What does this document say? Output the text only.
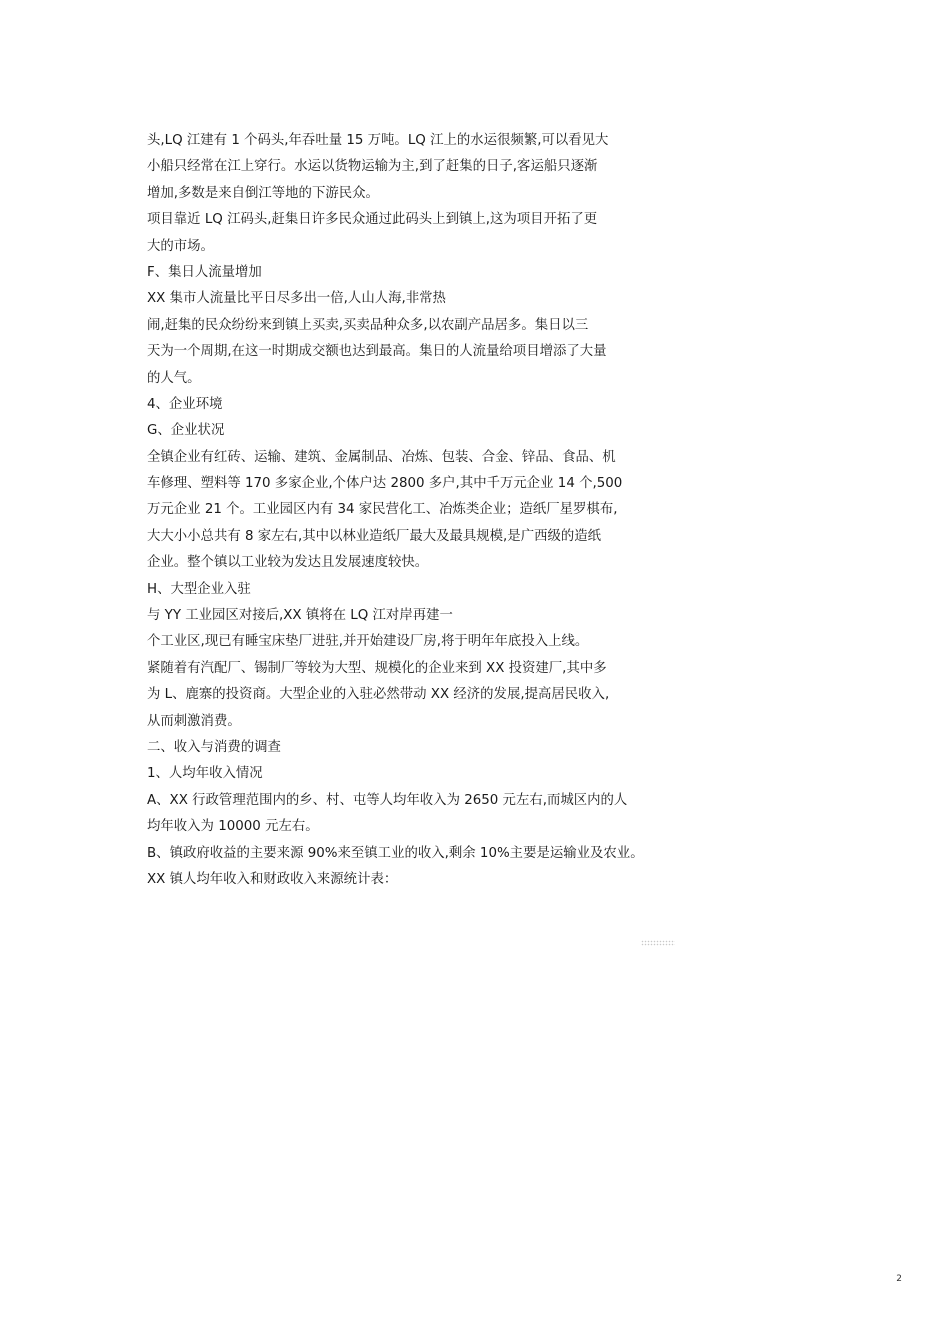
头,LQ 江建有 1 个码头,年吞吐量 15 万吨。LQ 江上的水运很频繁,可以看见大
小船只经常在江上穿行。水运以货物运输为主,到了赶集的日子,客运船只逐渐
增加,多数是来自倒江等地的下游民众。
项目靠近 LQ 江码头,赶集日许多民众通过此码头上到镇上,这为项目开拓了更
大的市场。
F、集日人流量增加
XX 集市人流量比平日尽多出一倍,人山人海,非常热
闹,赶集的民众纷纷来到镇上买卖,买卖品种众多,以农副产品居多。集日以三
天为一个周期,在这一时期成交额也达到最高。集日的人流量给项目增添了大量
的人气。
4、企业环境
G、企业状况
全镇企业有红砖、运输、建筑、金属制品、冶炼、包装、合金、锌品、食品、机
车修理、塑料等 170 多家企业,个体户达 2800 多户,其中千万元企业 14 个,500
万元企业 21 个。工业园区内有 34 家民营化工、冶炼类企业；造纸厂星罗棋布,
大大小小总共有 8 家左右,其中以林业造纸厂最大及最具规模,是广西级的造纸
企业。整个镇以工业较为发达且发展速度较快。
H、大型企业入驻
与 YY 工业园区对接后,XX 镇将在 LQ 江对岸再建一
个工业区,现已有睡宝床垫厂进驻,并开始建设厂房,将于明年年底投入上线。
紧随着有汽配厂、锡制厂等较为大型、规模化的企业来到 XX 投资建厂,其中多
为 L、鹿寨的投资商。大型企业的入驻必然带动 XX 经济的发展,提高居民收入,
从而刺激消费。
二、收入与消费的调查
1、人均年收入情况
A、XX 行政管理范围内的乡、村、屯等人均年收入为 2650 元左右,而城区内的人
均年收入为 10000 元左右。
B、镇政府收益的主要来源 90%来至镇工业的收入,剩余 10%主要是运输业及农业。
XX 镇人均年收入和财政收入来源统计表：
2
